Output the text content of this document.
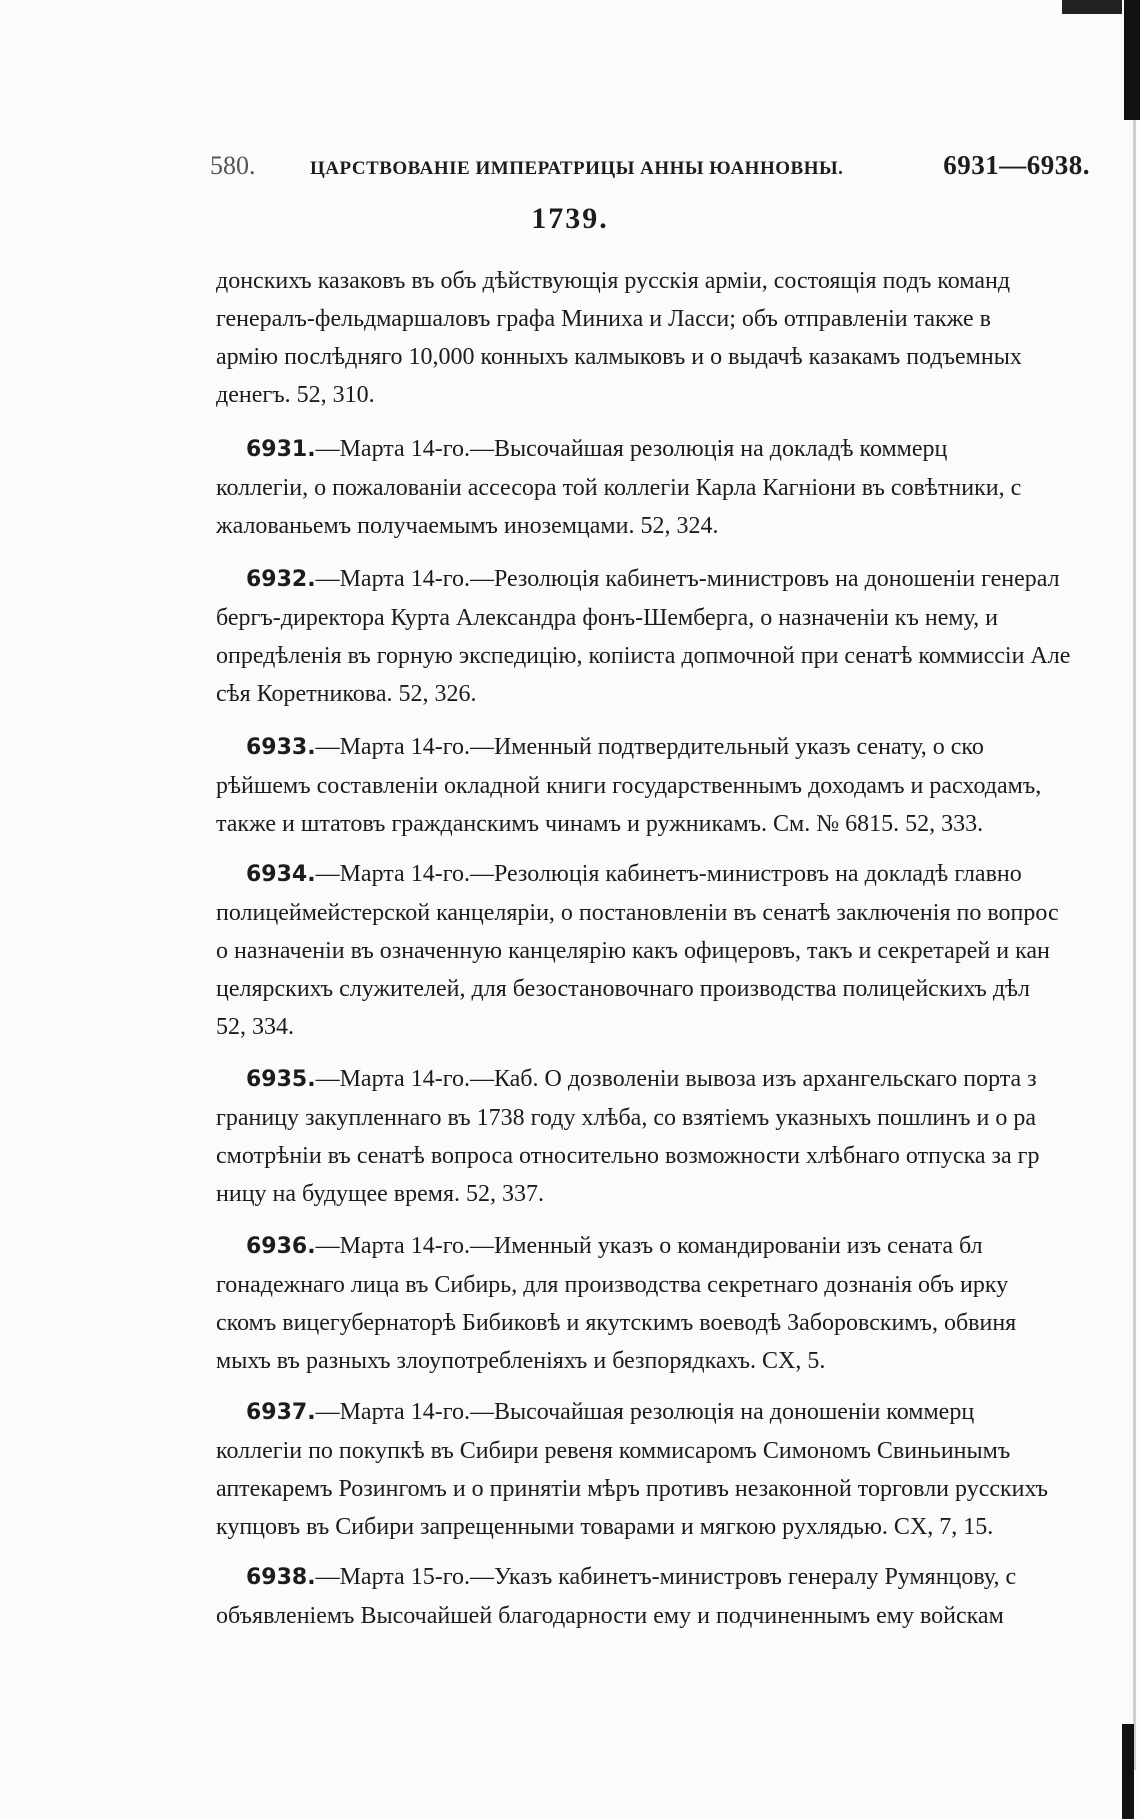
580.	ЦАРСТВОВАНІЕ ИМПЕРАТРИЦЫ АННЫ ЮАННОВНЫ.	6931—6938.
1739.
донскихъ казаковъ въ объ дѣйствующія русскія арміи, состоящія подъ команд
генералъ-фельдмаршаловъ графа Миниха и Ласси; объ отправленіи также в
армію послѣдняго 10,000 конныхъ калмыковъ и о выдачѣ казакамъ подъемных
денегъ. 52, 310.
6931.—Марта 14-го.—Высочайшая резолюція на докладѣ коммерц
коллегіи, о пожалованіи ассесора той коллегіи Карла Кагніони въ совѣтники, с
жалованьемъ получаемымъ иноземцами. 52, 324.
6932.—Марта 14-го.—Резолюція кабинетъ-министровъ на доношеніи генерал
бергъ-директора Курта Александра фонъ-Шемберга, о назначеніи къ нему, и
опредѣленія въ горную экспедицію, копіиста допмочной при сенатѣ коммиссіи Але
сѣя Коретникова. 52, 326.
6933.—Марта 14-го.—Именный подтвердительный указъ сенату, о ско
рѣйшемъ составленіи окладной книги государственнымъ доходамъ и расходамъ,
также и штатовъ гражданскимъ чинамъ и ружникамъ. См. № 6815. 52, 333.
6934.—Марта 14-го.—Резолюція кабинетъ-министровъ на докладѣ главно
полицеймейстерской канцеляріи, о постановленіи въ сенатѣ заключенія по вопрос
о назначеніи въ означенную канцелярію какъ офицеровъ, такъ и секретарей и кан
целярскихъ служителей, для безостановочнаго производства полицейскихъ дѣл
52, 334.
6935.—Марта 14-го.—Каб. О дозволеніи вывоза изъ архангельскаго порта з
границу закупленнаго въ 1738 году хлѣба, со взятіемъ указныхъ пошлинъ и о ра
смотрѣніи въ сенатѣ вопроса относительно возможности хлѣбнаго отпуска за гр
ницу на будущее время. 52, 337.
6936.—Марта 14-го.—Именный указъ о командированіи изъ сената бл
гонадежнаго лица въ Сибирь, для производства секретнаго дознанія объ ирку
скомъ вицегубернаторѣ Бибиковѣ и якутскимъ воеводѣ Заборовскимъ, обвиня
мыхъ въ разныхъ злоупотребленіяхъ и безпорядкахъ. CX, 5.
6937.—Марта 14-го.—Высочайшая резолюція на доношеніи коммерц
коллегіи по покупкѣ въ Сибири ревеня коммисаромъ Симономъ Свиньинымъ
аптекаремъ Розингомъ и о принятіи мѣръ противъ незаконной торговли русскихъ
купцовъ въ Сибири запрещенными товарами и мягкою рухлядью. CX, 7, 15.
6938.—Марта 15-го.—Указъ кабинетъ-министровъ генералу Румянцову, с
объявленіемъ Высочайшей благодарности ему и подчиненнымъ ему войскам
